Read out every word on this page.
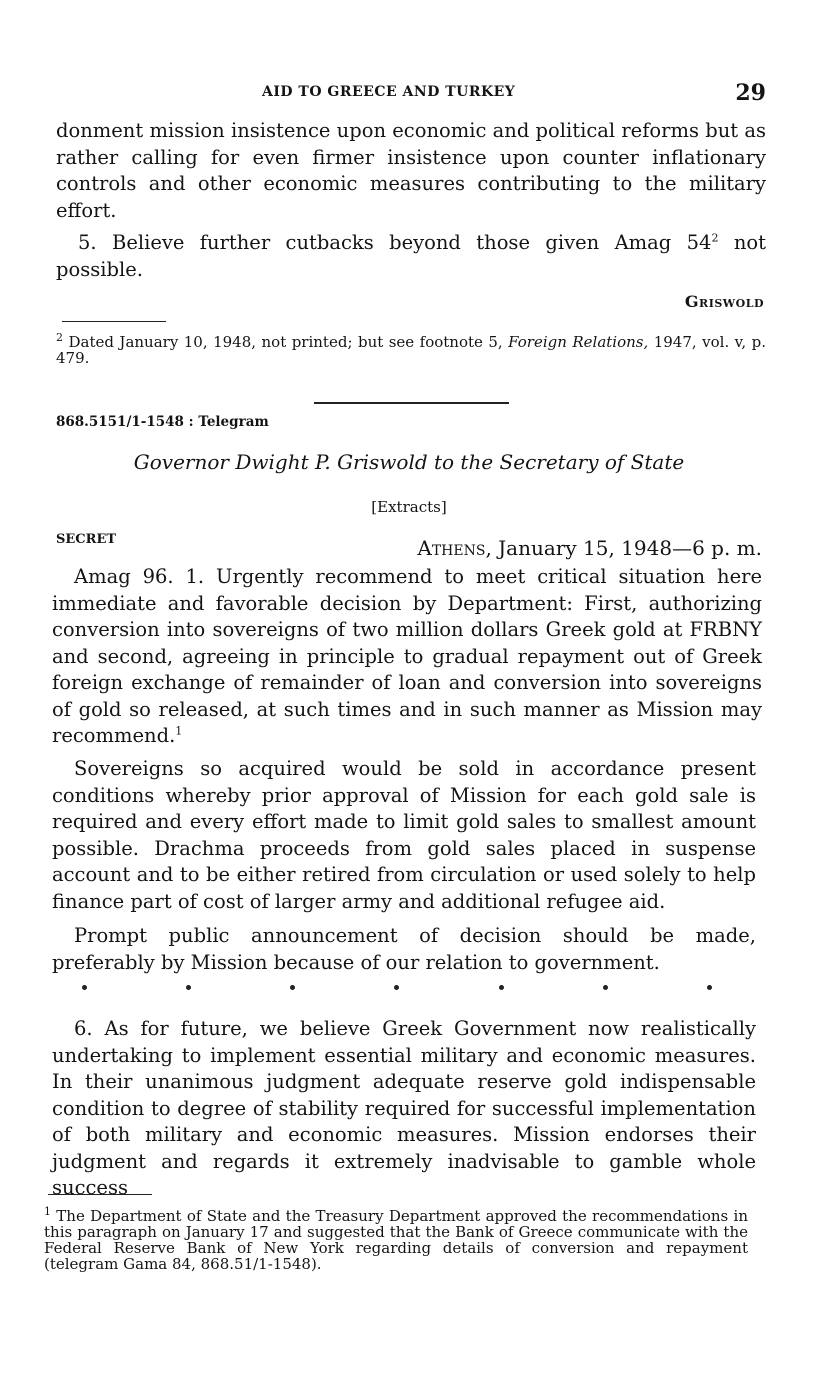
AID TO GREECE AND TURKEY	29

donment mission insistence upon economic and political reforms but as rather calling for even firmer insistence upon counter inflationary controls and other economic measures contributing to the military effort.

5. Believe further cutbacks beyond those given Amag $54^2$ not possible.

Griswold

$^2$ Dated January 10, 1948, not printed; but see footnote 5, Foreign Relations, 1947, vol. v, p. 479.

868.5151/1-1548 : Telegram
Governor Dwight P. Griswold to the Secretary of State
[Extracts]
SECRET	Athens, January 15, 1948—6 p. m.

Amag 96. 1. Urgently recommend to meet critical situation here immediate and favorable decision by Department: First, authorizing conversion into sovereigns of two million dollars Greek gold at FRBNY and second, agreeing in principle to gradual repayment out of Greek foreign exchange of remainder of loan and conversion into sovereigns of gold so released, at such times and in such manner as Mission may recommend.$^1$

Sovereigns so acquired would be sold in accordance present conditions whereby prior approval of Mission for each gold sale is required and every effort made to limit gold sales to smallest amount possible. Drachma proceeds from gold sales placed in suspense account and to be either retired from circulation or used solely to help finance part of cost of larger army and additional refugee aid.

Prompt public announcement of decision should be made, preferably by Mission because of our relation to government.

6. As for future, we believe Greek Government now realistically undertaking to implement essential military and economic measures. In their unanimous judgment adequate reserve gold indispensable condition to degree of stability required for successful implementation of both military and economic measures. Mission endorses their judgment and regards it extremely inadvisable to gamble whole success

$^1$ The Department of State and the Treasury Department approved the recommendations in this paragraph on January 17 and suggested that the Bank of Greece communicate with the Federal Reserve Bank of New York regarding details of conversion and repayment (telegram Gama 84, 868.51/1-1548).
